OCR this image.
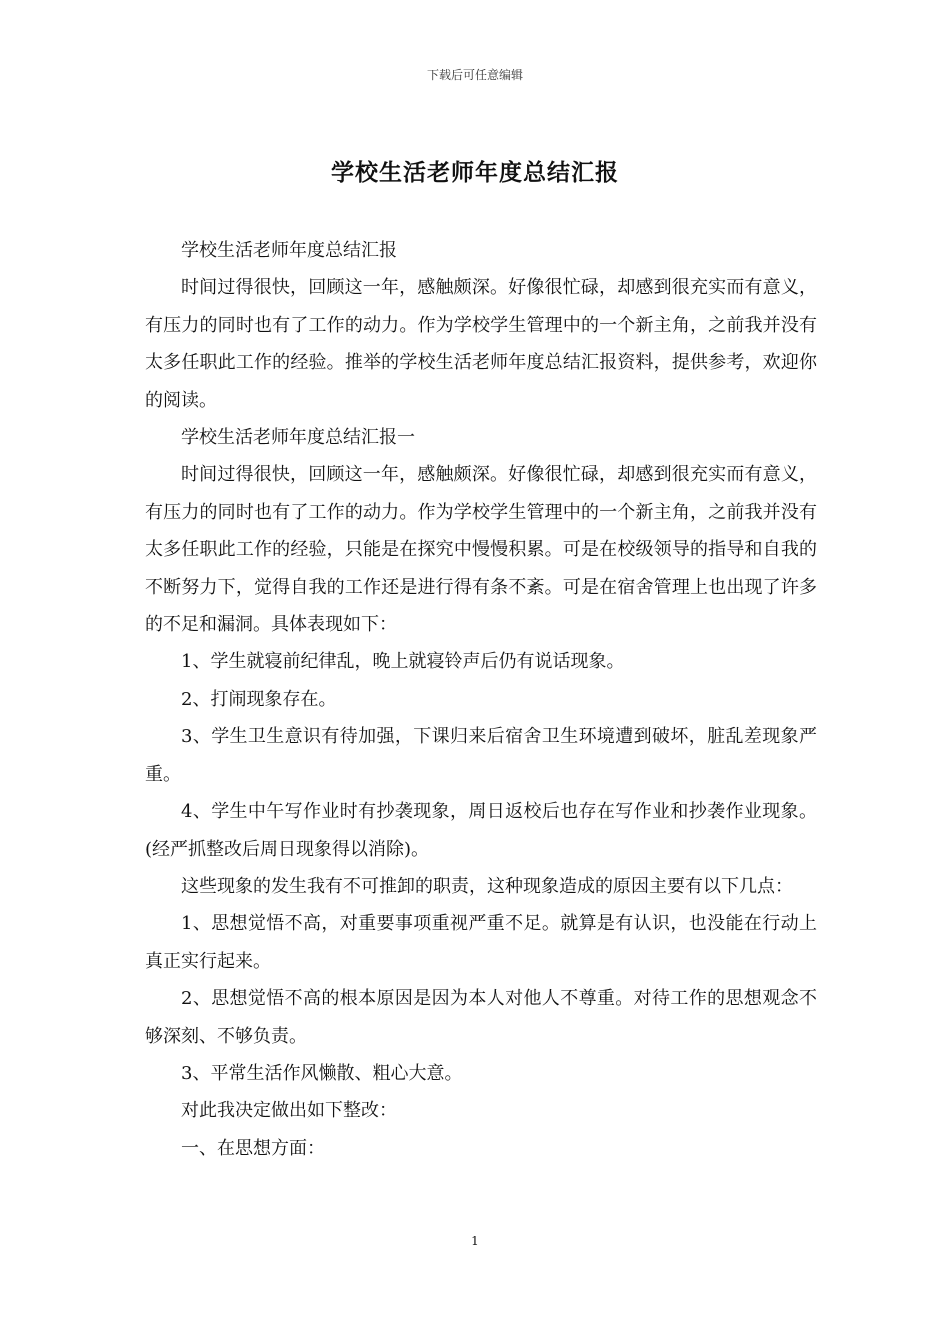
下载后可任意编辑
学校生活老师年度总结汇报

学校生活老师年度总结汇报

时间过得很快，回顾这一年，感触颇深。好像很忙碌，却感到很充实而有意义，有压力的同时也有了工作的动力。作为学校学生管理中的一个新主角，之前我并没有太多任职此工作的经验。推举的学校生活老师年度总结汇报资料，提供参考，欢迎你的阅读。

学校生活老师年度总结汇报一

时间过得很快，回顾这一年，感触颇深。好像很忙碌，却感到很充实而有意义，有压力的同时也有了工作的动力。作为学校学生管理中的一个新主角，之前我并没有太多任职此工作的经验，只能是在探究中慢慢积累。可是在校级领导的指导和自我的不断努力下，觉得自我的工作还是进行得有条不紊。可是在宿舍管理上也出现了许多的不足和漏洞。具体表现如下：

1、学生就寝前纪律乱，晚上就寝铃声后仍有说话现象。

2、打闹现象存在。

3、学生卫生意识有待加强，下课归来后宿舍卫生环境遭到破坏，脏乱差现象严重。

4、学生中午写作业时有抄袭现象，周日返校后也存在写作业和抄袭作业现象。(经严抓整改后周日现象得以消除)。

这些现象的发生我有不可推卸的职责，这种现象造成的原因主要有以下几点：

1、思想觉悟不高，对重要事项重视严重不足。就算是有认识，也没能在行动上真正实行起来。

2、思想觉悟不高的根本原因是因为本人对他人不尊重。对待工作的思想观念不够深刻、不够负责。

3、平常生活作风懒散、粗心大意。

对此我决定做出如下整改：

一、在思想方面：

1
